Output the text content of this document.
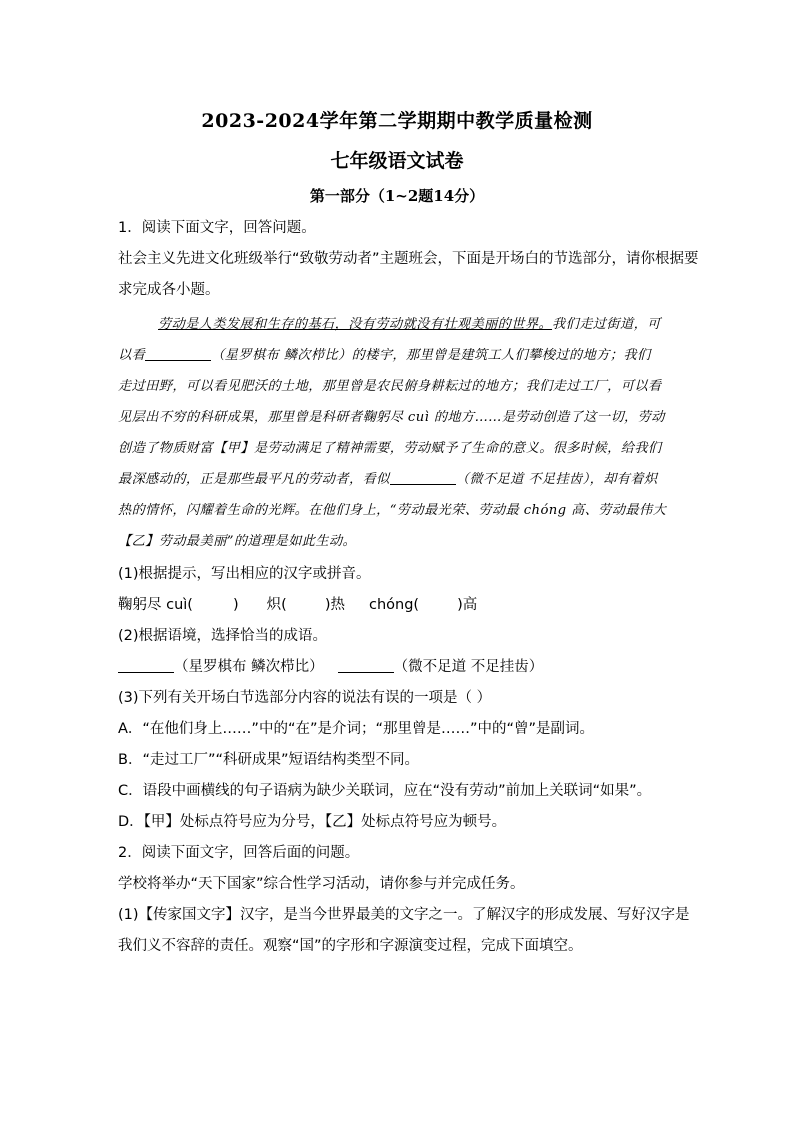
2023-2024学年第二学期期中教学质量检测
七年级语文试卷
第一部分（1~2题14分）
1．阅读下面文字，回答问题。
社会主义先进文化班级举行“致敬劳动者”主题班会，下面是开场白的节选部分，请你根据要
求完成各小题。
劳动是人类发展和生存的基石，没有劳动就没有壮观美丽的世界。我们走过街道，可
以看	（星罗棋布 鳞次栉比）的楼宇，那里曾是建筑工人们攀梭过的地方；我们
走过田野，可以看见肥沃的土地，那里曾是农民俯身耕耘过的地方；我们走过工厂，可以看
见层出不穷的科研成果，那里曾是科研者鞠躬尽 cuì 的地方……是劳动创造了这一切，劳动
创造了物质财富【甲】是劳动满足了精神需要，劳动赋予了生命的意义。很多时候，给我们
最深感动的，正是那些最平凡的劳动者，看似	（微不足道 不足挂齿），却有着炽
热的情怀，闪耀着生命的光辉。在他们身上，“劳动最光荣、劳动最 chóng 高、劳动最伟大
【乙】劳动最美丽”的道理是如此生动。
(1)根据提示，写出相应的汉字或拼音。
鞠躬尽 cuì(	) 炽(	)热 chóng(	)高
(2)根据语境，选择恰当的成语。
（星罗棋布 鳞次栉比）	（微不足道 不足挂齿）
(3)下列有关开场白节选部分内容的说法有误的一项是（ ）
A．“在他们身上……”中的“在”是介词；“那里曾是……”中的“曾”是副词。
B．“走过工厂”“科研成果”短语结构类型不同。
C．语段中画横线的句子语病为缺少关联词，应在“没有劳动”前加上关联词“如果”。
D．【甲】处标点符号应为分号，【乙】处标点符号应为顿号。
2．阅读下面文字，回答后面的问题。
学校将举办“天下国家”综合性学习活动，请你参与并完成任务。
(1)【传家国文字】汉字，是当今世界最美的文字之一。了解汉字的形成发展、写好汉字是
我们义不容辞的责任。观察“国”的字形和字源演变过程，完成下面填空。
